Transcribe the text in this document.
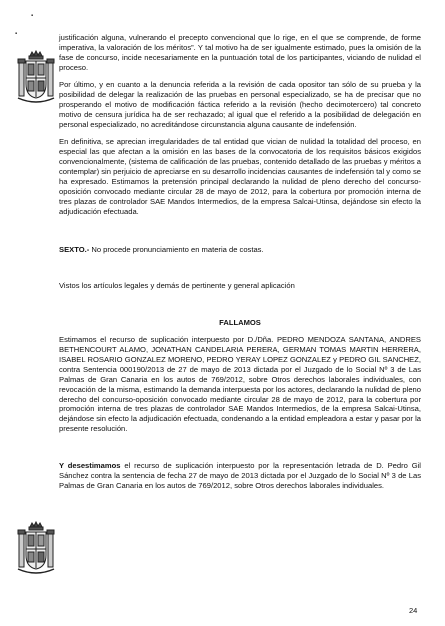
▪
▪	justificación alguna, vulnerando el precepto convencional que lo rige, en el que se comprende, de forme imperativa, la valoración de los méritos”. Y tal motivo ha de ser igualmente estimado, pues la omisión de la fase de concurso, incide necesariamente en la puntuación total de los participantes, viciando de nulidad el proceso.

Por último, y en cuanto a la denuncia referida a la revisión de cada opositor tan sólo de su prueba y la posibilidad de delegar la realización de las pruebas en personal especializado, se ha de precisar que no prosperando el motivo de modificación fáctica referido a la revisión (hecho decimotercero) tal concreto motivo de censura jurídica ha de ser rechazado; al igual que el referido a la posibilidad de delegación en personal especializado, no acreditándose circunstancia alguna causante de indefensión.

En definitiva, se aprecian irregularidades de tal entidad que vician de nulidad la totalidad del proceso, en especial las que afectan a la omisión en las bases de la convocatoria de los requisitos básicos exigidos convencionalmente, (sistema de calificación de las pruebas, contenido detallado de las pruebas y méritos a contemplar) sin perjuicio de apreciarse en su desarrollo incidencias causantes de indefensión tal y como se ha expresado. Estimamos la pretensión principal declarando la nulidad de pleno derecho del concurso-oposición convocado mediante circular 28 de mayo de 2012, para la cobertura por promoción interna de tres plazas de controlador SAE Mandos Intermedios, de la empresa Salcai-Utinsa, dejándose sin efecto la adjudicación efectuada.

SEXTO.- No procede pronunciamiento en materia de costas.

Vistos los artículos legales y demás de pertinente y general aplicación

FALLAMOS

Estimamos el recurso de suplicación interpuesto por D./Dña. PEDRO MENDOZA SANTANA, ANDRES BETHENCOURT ALAMO, JONATHAN CANDELARIA PERERA, GERMAN TOMAS MARTIN HERRERA, ISABEL ROSARIO GONZALEZ MORENO, PEDRO YERAY LOPEZ GONZALEZ y PEDRO GIL SANCHEZ, contra Sentencia 000190/2013 de 27 de mayo de 2013 dictada por el Juzgado de lo Social Nº 3 de Las Palmas de Gran Canaria en los autos de 769/2012, sobre Otros derechos laborales individuales, con revocación de la misma, estimando la demanda interpuesta por los actores, declarando la nulidad de pleno derecho del concurso-oposición convocado mediante circular 28 de mayo de 2012, para la cobertura por promoción interna de tres plazas de controlador SAE Mandos Intermedios, de la empresa Salcai-Utinsa, dejándose sin efecto la adjudicación efectuada, condenando a la entidad empleadora a estar y pasar por la presente resolución.

Y desestimamos el recurso de suplicación interpuesto por la representación letrada de D. Pedro Gil Sánchez contra la sentencia de fecha 27 de mayo de 2013 dictada por el Juzgado de lo Social Nº 3 de Las Palmas de Gran Canaria en los autos de 769/2012, sobre Otros derechos laborales individuales.

24
